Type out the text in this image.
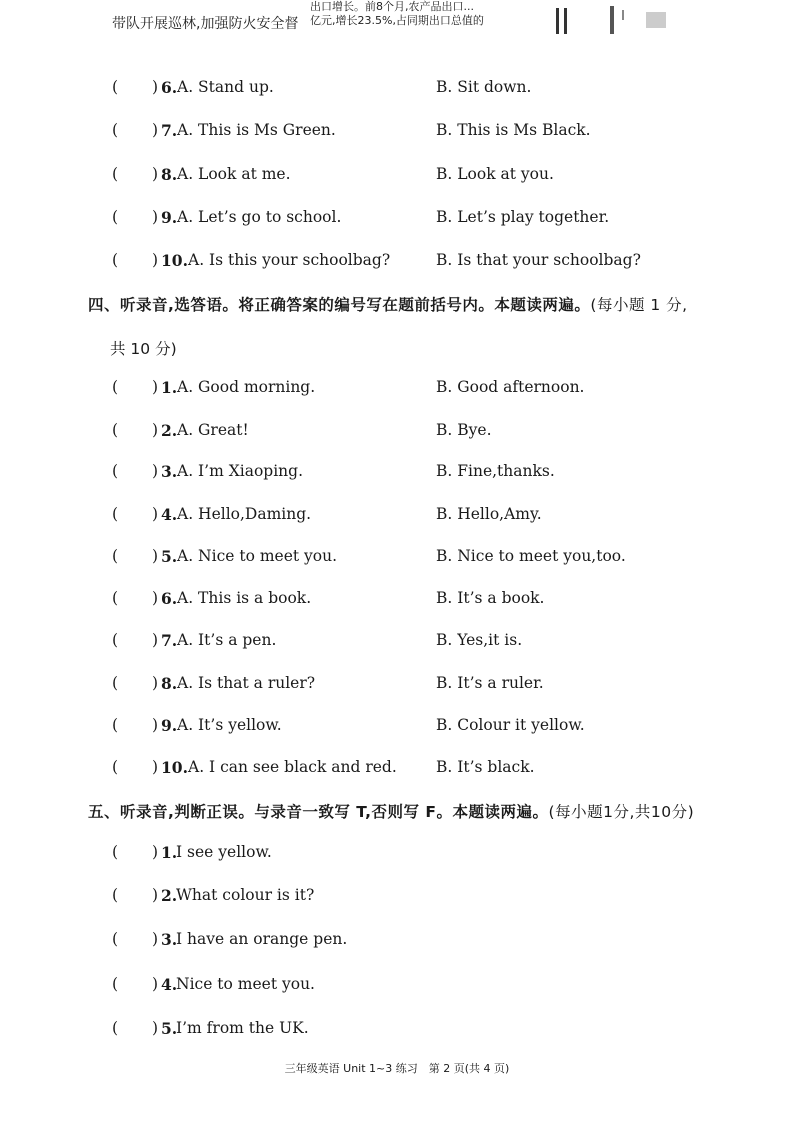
带队开展巡林,加强防火安全督
出口增长。前8个月,农产品出口...
亿元,增长23.5%,占同期出口总值的
( ) 6. A. Stand up.	B. Sit down.
( ) 7. A. This is Ms Green.	B. This is Ms Black.
( ) 8. A. Look at me.	B. Look at you.
( ) 9. A. Let’s go to school.	B. Let’s play together.
( ) 10. A. Is this your schoolbag?	B. Is that your schoolbag?
四、听录音,选答语。将正确答案的编号写在题前括号内。本题读两遍。(每小题 1 分,
共 10 分)
( ) 1. A. Good morning.	B. Good afternoon.
( ) 2. A. Great!	B. Bye.
( ) 3. A. I’m Xiaoping.	B. Fine,thanks.
( ) 4. A. Hello,Daming.	B. Hello,Amy.
( ) 5. A. Nice to meet you.	B. Nice to meet you,too.
( ) 6. A. This is a book.	B. It’s a book.
( ) 7. A. It’s a pen.	B. Yes,it is.
( ) 8. A. Is that a ruler?	B. It’s a ruler.
( ) 9. A. It’s yellow.	B. Colour it yellow.
( ) 10. A. I can see black and red.	B. It’s black.
五、听录音,判断正误。与录音一致写 T,否则写 F。本题读两遍。(每小题1分,共10分)
( ) 1.
I see yellow.
( ) 2.
What colour is it?
( ) 3.
I have an orange pen.
( ) 4.
Nice to meet you.
( ) 5.
I’m from the UK.
三年级英语 Unit 1~3 练习　第 2 页(共 4 页)
